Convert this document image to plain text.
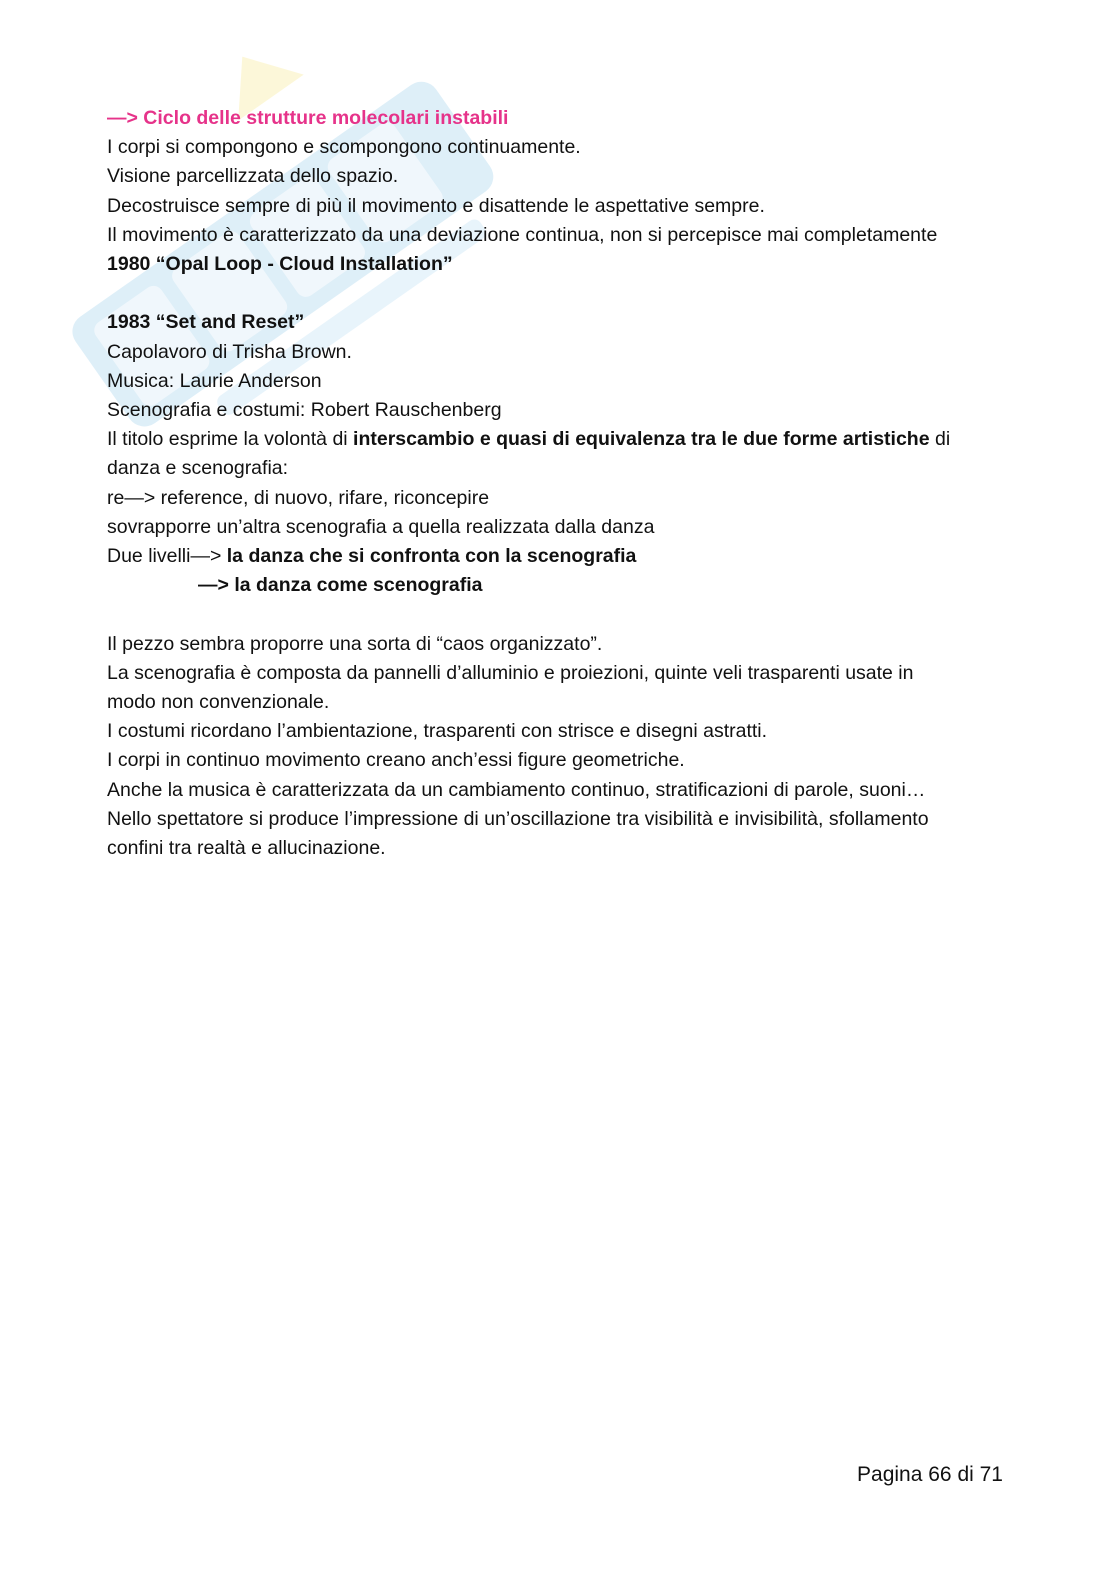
—> Ciclo delle strutture molecolari instabili
I corpi si compongono e scompongono continuamente.
Visione parcellizzata dello spazio.
Decostruisce sempre di più il movimento e disattende le aspettative sempre.
Il movimento è caratterizzato da una deviazione continua, non si percepisce mai completamente
1980 “Opal Loop - Cloud Installation”
1983 “Set and Reset”
Capolavoro di Trisha Brown.
Musica: Laurie Anderson
Scenografia e costumi: Robert Rauschenberg
Il titolo esprime la volontà di interscambio e quasi di equivalenza tra le due forme artistiche di
danza e scenografia:
re—> reference, di nuovo, rifare, riconcepire
sovrapporre un’altra scenografia a quella realizzata dalla danza
Due livelli—> la danza che si confronta con la scenografia
—> la danza come scenografia
Il pezzo sembra proporre una sorta di “caos organizzato”.
La scenografia è composta da pannelli d’alluminio e proiezioni, quinte veli trasparenti usate in
modo non convenzionale.
I costumi ricordano l’ambientazione, trasparenti con strisce e disegni astratti.
I corpi in continuo movimento creano anch’essi figure geometriche.
Anche la musica è caratterizzata da un cambiamento continuo, stratificazioni di parole, suoni…
Nello spettatore si produce l’impressione di un’oscillazione tra visibilità e invisibilità, sfollamento
confini tra realtà e allucinazione.
Pagina 66 di 71
